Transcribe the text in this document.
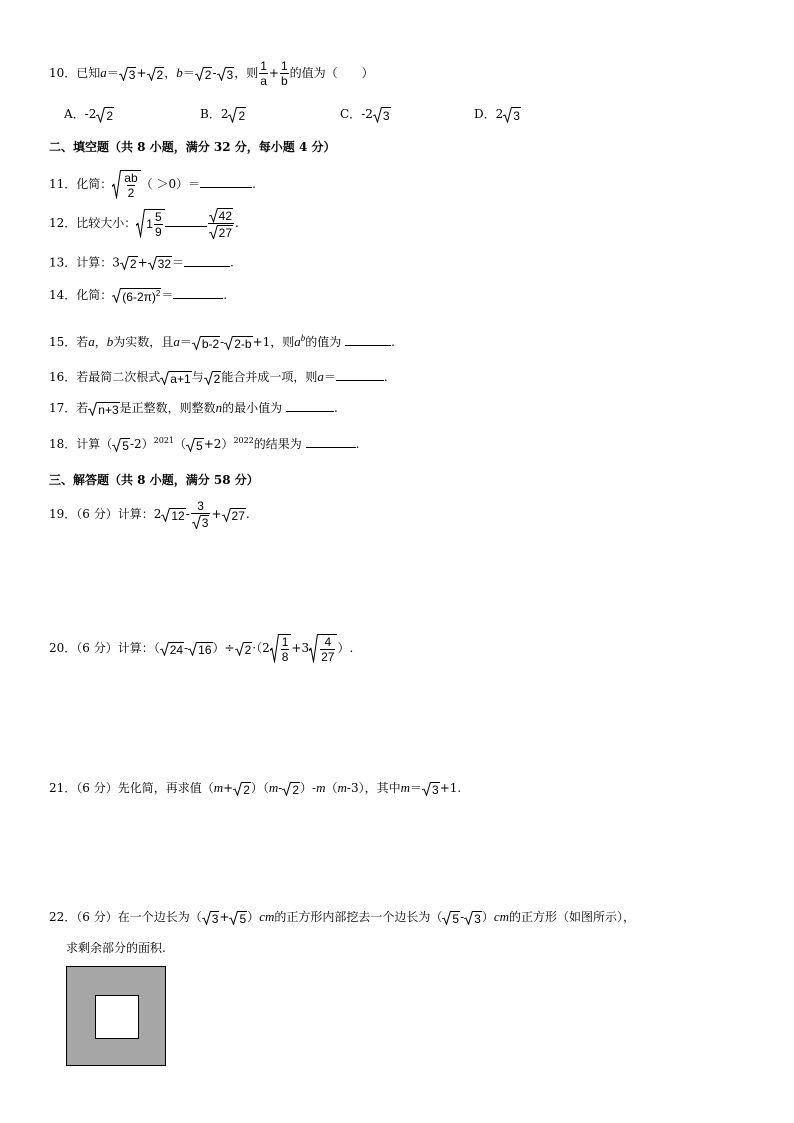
10．已知a＝ 3 + 2 ，b＝ 2 - 3 ，则 $\frac{1}{a} + \frac{1}{b}$ 的值为（　　）
A．-2 2	B．2 2	C．-2 3	D．2 3
二、填空题（共 8 小题，满分 32 分，每小题 4 分）
11．化简： $\frac{ab}{2}$ （ ＞0）＝	.
12．比较大小： $1 \frac{5}{9}$	$\frac{42}{27}$ .
13．计算：3 2 + 32 ＝	.
14．化简： $(6-2\pi)^2$ ＝	.
15．若a，b为实数，且a＝ b-2 - 2-b +1，则$a^b$的值为	.
16．若最简二次根式 a+1 与 2 能合并成一项，则a＝	.
17．若 n+3 是正整数，则整数n的最小值为	.
18．计算（ 5 -2）$^{2021}$（ 5 +2）$^{2022}$的结果为	.
三、解答题（共 8 小题，满分 58 分）
19．（6 分）计算：2 $12 - \frac{3}{3} + 27$ .
20．（6 分）计算：（ 24 - 16 ）÷ $2 \cdot(2 \frac{1}{8} +3 \frac{4}{27}$ ）.
21．（6 分）先化简，再求值（m+ 2 ）（m- 2 ）-m（m-3），其中m＝ 3 +1.
22．（6 分）在一个边长为（ 3 + 5 ）cm的正方形内部挖去一个边长为（ 5 - 3 ）cm的正方形（如图所示），
求剩余部分的面积.
